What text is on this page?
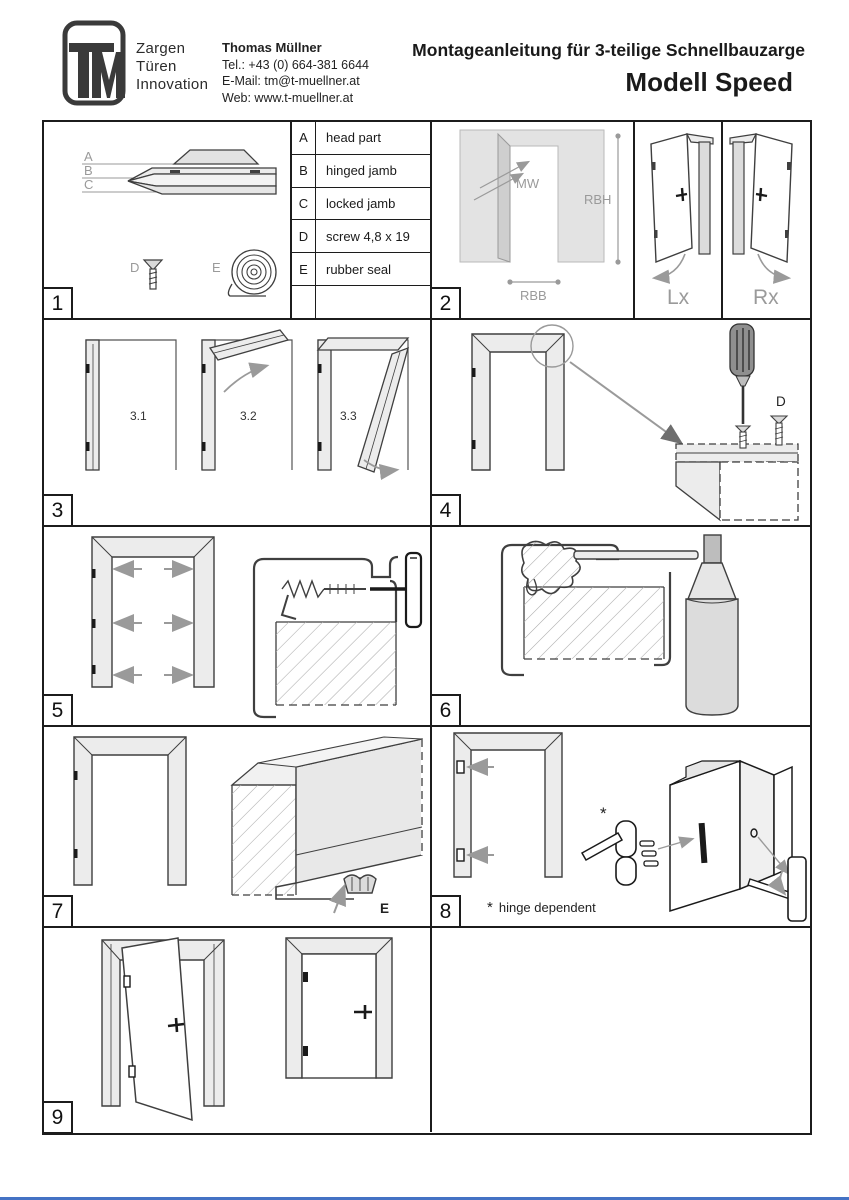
Zargen
Türen
Innovation
Thomas Müllner
Tel.: +43 (0) 664-381 6644
E-Mail: tm@t-muellner.at
Web: www.t-muellner.at
Montageanleitung für 3-teilige Schnellbauzarge
Modell Speed
A
B
C
D	E
A	head part
B	hinged jamb
C	locked jamb
D	screw 4,8 x 19
E	rubber seal
1
MW
RBH
RBB	Lx	Rx
2
3.1	3.2	3.3
3
D
4
5	6
E
7
*
* hinge dependent
8
9
